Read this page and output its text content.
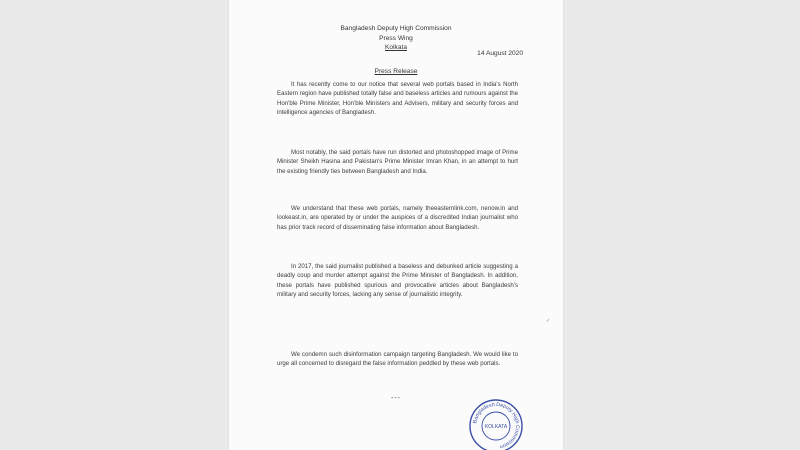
Bangladesh Deputy High Commission
Press Wing
Kolkata
14 August 2020
Press Release

It has recently come to our notice that several web portals based in India's North Eastern region have published totally false and baseless articles and rumours against the Hon'ble Prime Minister, Hon'ble Ministers and Advisers, military and security forces and intelligence agencies of Bangladesh.

Most notably, the said portals have run distorted and photoshopped image of Prime Minister Sheikh Hasina and Pakistan's Prime Minister Imran Khan, in an attempt to hurt the existing friendly ties between Bangladesh and India.

We understand that these web portals, namely theeasternlink.com, nenow.in and lookeast.in, are operated by or under the auspices of a discredited Indian journalist who has prior track record of disseminating false information about Bangladesh.

In 2017, the said journalist published a baseless and debunked article suggesting a deadly coup and murder attempt against the Prime Minister of Bangladesh. In addition, these portals have published spurious and provocative articles about Bangladesh's military and security forces, lacking any sense of journalistic integrity.

We condemn such disinformation campaign targeting Bangladesh. We would like to urge all concerned to disregard the false information peddled by these web portals.

---
✓
Bangladesh Deputy High Commission
KOLKATA
